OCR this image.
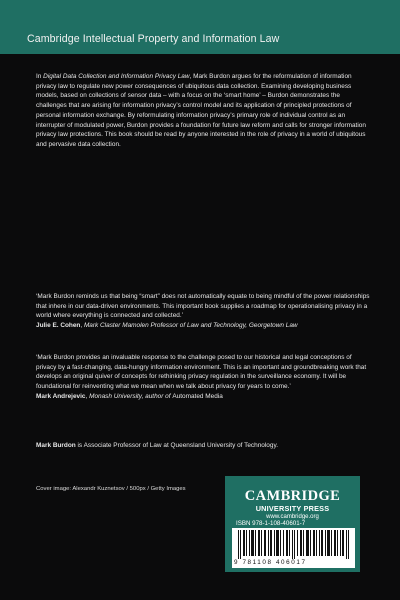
Cambridge Intellectual Property and Information Law

In Digital Data Collection and Information Privacy Law, Mark Burdon argues for the reformulation of information privacy law to regulate new power consequences of ubiquitous data collection. Examining developing business models, based on collections of sensor data – with a focus on the ‘smart home’ – Burdon demonstrates the challenges that are arising for information privacy’s control model and its application of principled protections of personal information exchange. By reformulating information privacy’s primary role of individual control as an interrupter of modulated power, Burdon provides a foundation for future law reform and calls for stronger information privacy law protections. This book should be read by anyone interested in the role of privacy in a world of ubiquitous and pervasive data collection.

‘Mark Burdon reminds us that being “smart” does not automatically equate to being mindful of the power relationships that inhere in our data-driven environments. This important book supplies a roadmap for operationalising privacy in a world where everything is connected and collected.’

Julie E. Cohen, Mark Claster Mamolen Professor of Law and Technology, Georgetown Law

‘Mark Burdon provides an invaluable response to the challenge posed to our historical and legal conceptions of privacy by a fast-changing, data-hungry information environment. This is an important and groundbreaking work that develops an original quiver of concepts for rethinking privacy regulation in the surveillance economy. It will be foundational for reinventing what we mean when we talk about privacy for years to come.’

Mark Andrejevic, Monash University, author of Automated Media

Mark Burdon is Associate Professor of Law at Queensland University of Technology.

Cover image: Alexandr Kuznetsov / 500px / Getty Images	CAMBRIDGE
UNIVERSITY PRESS
www.cambridge.org
ISBN 978-1-108-40601-7
9 781108 406017
